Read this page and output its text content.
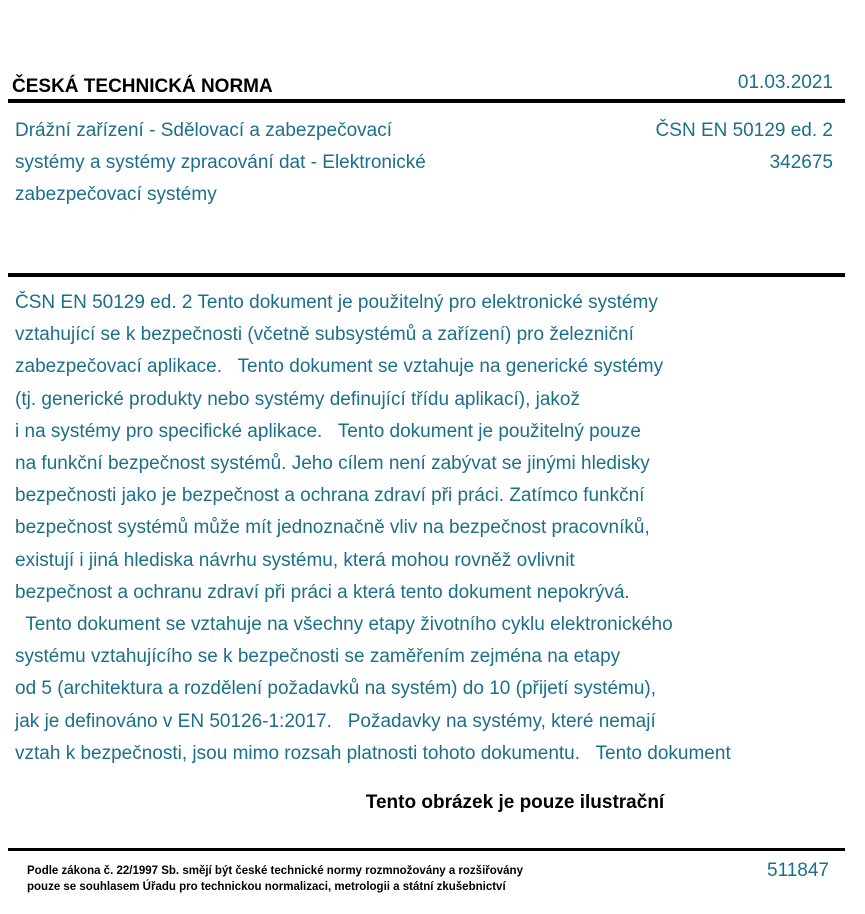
ČESKÁ TECHNICKÁ NORMA	01.03.2021
Drážní zařízení - Sdělovací a zabezpečovací
systémy a systémy zpracování dat - Elektronické
zabezpečovací systémy
ČSN EN 50129 ed. 2
342675
ČSN EN 50129 ed. 2 Tento dokument je použitelný pro elektronické systémy
vztahující se k bezpečnosti (včetně subsystémů a zařízení) pro železniční
zabezpečovací aplikace.   Tento dokument se vztahuje na generické systémy
(tj. generické produkty nebo systémy definující třídu aplikací), jakož
i na systémy pro specifické aplikace.   Tento dokument je použitelný pouze
na funkční bezpečnost systémů. Jeho cílem není zabývat se jinými hledisky
bezpečnosti jako je bezpečnost a ochrana zdraví při práci. Zatímco funkční
bezpečnost systémů může mít jednoznačně vliv na bezpečnost pracovníků,
existují i jiná hlediska návrhu systému, která mohou rovněž ovlivnit
bezpečnost a ochranu zdraví při práci a která tento dokument nepokrývá.
Tento dokument se vztahuje na všechny etapy životního cyklu elektronického
systému vztahujícího se k bezpečnosti se zaměřením zejména na etapy
od 5 (architektura a rozdělení požadavků na systém) do 10 (přijetí systému),
jak je definováno v EN 50126-1:2017.   Požadavky na systémy, které nemají
vztah k bezpečnosti, jsou mimo rozsah platnosti tohoto dokumentu.   Tento dokument
Tento obrázek je pouze ilustrační
Podle zákona č. 22/1997 Sb. smějí být české technické normy rozmnožovány a rozšiřovány
pouze se souhlasem Úřadu pro technickou normalizaci, metrologii a státní zkušebnictví
511847
